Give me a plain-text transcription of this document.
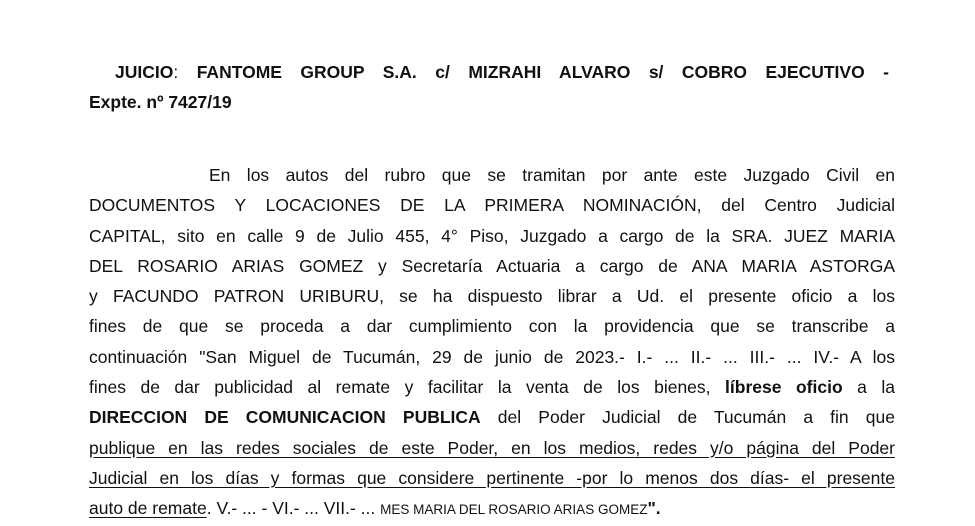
JUICIO: FANTOME GROUP S.A. c/ MIZRAHI ALVARO s/ COBRO EJECUTIVO -
Expte. nº 7427/19
En los autos del rubro que se tramitan por ante este Juzgado Civil en
DOCUMENTOS Y LOCACIONES DE LA PRIMERA NOMINACIÓN, del Centro Judicial
CAPITAL, sito en calle 9 de Julio 455, 4° Piso, Juzgado a cargo de la SRA. JUEZ MARIA
DEL ROSARIO ARIAS GOMEZ y Secretaría Actuaria a cargo de ANA MARIA ASTORGA
y FACUNDO PATRON URIBURU, se ha dispuesto librar a Ud. el presente oficio a los
fines de que se proceda a dar cumplimiento con la providencia que se transcribe a
continuación "San Miguel de Tucumán, 29 de junio de 2023.- I.- ... II.- ... III.- ... IV.- A los
fines de dar publicidad al remate y facilitar la venta de los bienes, líbrese oficio a la
DIRECCION DE COMUNICACION PUBLICA del Poder Judicial de Tucumán a fin que
publique en las redes sociales de este Poder, en los medios, redes y/o página del Poder
Judicial en los días y formas que considere pertinente -por lo menos dos días- el presente
auto de remate. V.- ... - VI.- ... VII.- ... MES MARIA DEL ROSARIO ARIAS GOMEZ".
